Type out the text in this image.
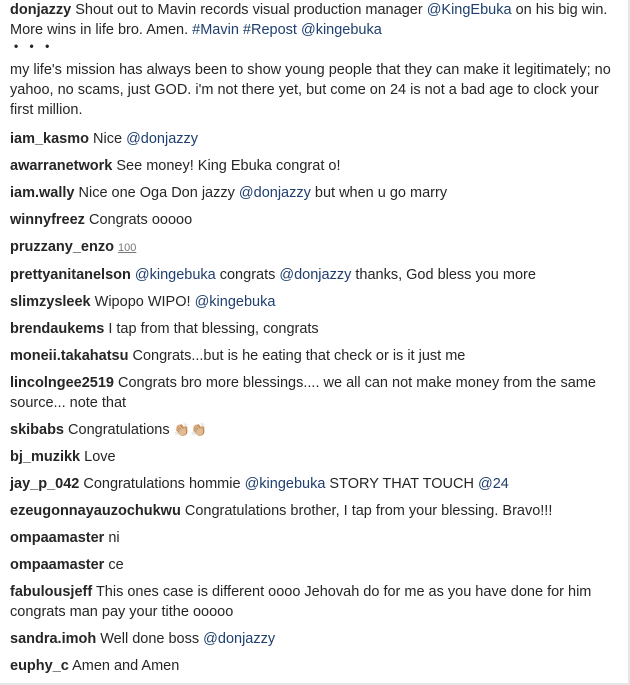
donjazzy Shout out to Mavin records visual production manager @KingEbuka on his big win. More wins in life bro. Amen. #Mavin #Repost @kingebuka
• • •
my life's mission has always been to show young people that they can make it legitimately; no yahoo, no scams, just GOD. i'm not there yet, but come on 24 is not a bad age to clock your first million.
iam_kasmo Nice @donjazzy
awarranetwork See money! King Ebuka congrat o!
iam.wally Nice one Oga Don jazzy @donjazzy but when u go marry
winnyfreez Congrats ooooo
pruzzany_enzo 100
prettyanitanelson @kingebuka congrats @donjazzy thanks, God bless you more
slimzysleek Wipopo WIPO! @kingebuka
brendaukems I tap from that blessing, congrats
moneii.takahatsu Congrats...but is he eating that check or is it just me
lincolngee2519 Congrats bro more blessings.... we all can not make money from the same source... note that
skibabs Congratulations 👏🏼👏🏼
bj_muzikk Love
jay_p_042 Congratulations hommie @kingebuka STORY THAT TOUCH @24
ezeugonnayauzochukwu Congratulations brother, I tap from your blessing. Bravo!!!
ompaamaster ni
ompaamaster ce
fabulousjeff This ones case is different oooo Jehovah do for me as you have done for him congrats man pay your tithe ooooo
sandra.imoh Well done boss @donjazzy
euphy_c Amen and Amen
